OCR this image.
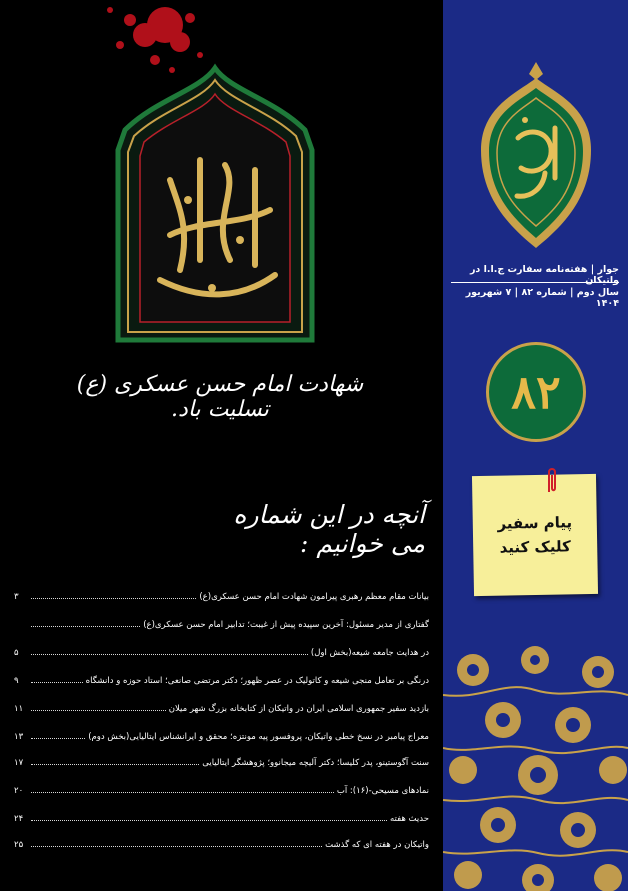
شهادت امام حسن عسکری (ع) تسلیت باد.
آنچه در این شماره می خوانیم :
بیانات مقام معظم رهبری پیرامون شهادت امام حسن عسکری(ع)
۳
گفتاری از مدیر مسئول: آخرین سپیده پیش از غیبت؛ تدابیر امام حسن عسکری(ع)
در هدایت جامعه شیعه(بخش اول)
۵
درنگی بر تعامل منجی شیعه و کاتولیک در عصر ظهور؛ دکتر مرتضی صانعی؛ استاد حوزه و دانشگاه
۹
بازدید سفیر جمهوری اسلامی ایران در واتیکان از کتابخانه بزرگ شهر میلان
۱۱
معراج پیامبر در نسخ خطی واتیکان، پروفسور پیه مونتزه؛ محقق و ایرانشناس ایتالیایی(بخش دوم)
۱۳
سنت آگوستینو، پدر کلیسا؛ دکتر آلیچه میجانوو؛ پژوهشگر ایتالیایی
۱۷
نمادهای مسیحی-(۱۶): آب
۲۰
حدیث هفته
۲۴
واتیکان در هفته ای که گذشت
۲۵
جوار | هفته‌نامه سفارت ج.ا.ا در واتیکان
سال دوم | شماره ۸۲ | ۷ شهریور ۱۴۰۴
۸۲
پیام سفیر
کلیک کنید
